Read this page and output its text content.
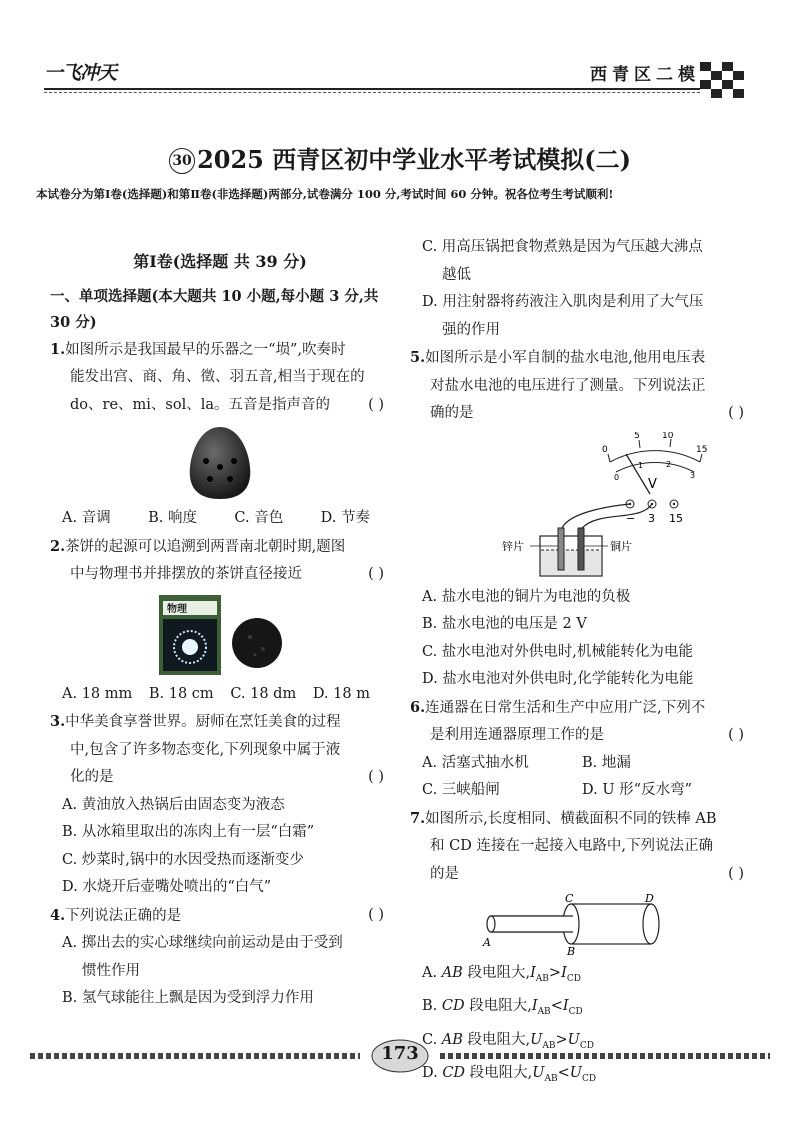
一飞冲天	西青区二模
30 2025 西青区初中学业水平考试模拟(二)
本试卷分为第Ⅰ卷(选择题)和第Ⅱ卷(非选择题)两部分,试卷满分 100 分,考试时间 60 分钟。祝各位考生考试顺利!
第Ⅰ卷(选择题 共 39 分)
一、单项选择题(本大题共 10 小题,每小题 3 分,共 30 分)
1.如图所示是我国最早的乐器之一“埙”,吹奏时
能发出宫、商、角、徵、羽五音,相当于现在的
do、re、mi、sol、la。五音是指声音的	( )
A. 音调	B. 响度	C. 音色	D. 节奏
2.茶饼的起源可以追溯到两晋南北朝时期,题图
中与物理书并排摆放的茶饼直径接近	( )
物理
A. 18 mm B. 18 cm C. 18 dm D. 18 m
3.中华美食享誉世界。厨师在烹饪美食的过程
中,包含了许多物态变化,下列现象中属于液
化的是	( )
A. 黄油放入热锅后由固态变为液态
B. 从冰箱里取出的冻肉上有一层“白霜”
C. 炒菜时,锅中的水因受热而逐渐变少
D. 水烧开后壶嘴处喷出的“白气”
4.下列说法正确的是	( )
A. 掷出去的实心球继续向前运动是由于受到
惯性作用
B. 氢气球能往上飘是因为受到浮力作用
C. 用高压锅把食物煮熟是因为气压越大沸点
越低
D. 用注射器将药液注入肌肉是利用了大气压
强的作用
5.如图所示是小军自制的盐水电池,他用电压表
对盐水电池的电压进行了测量。下列说法正
确的是	( )
0
5 10
15
0
1	2
3
V
− 3 15
锌片	铜片
A. 盐水电池的铜片为电池的负极
B. 盐水电池的电压是 2 V
C. 盐水电池对外供电时,机械能转化为电能
D. 盐水电池对外供电时,化学能转化为电能
6.连通器在日常生活和生产中应用广泛,下列不
是利用连通器原理工作的是	( )
A. 活塞式抽水机	B. 地漏
C. 三峡船闸	D. U 形“反水弯”
7.如图所示,长度相同、横截面积不同的铁棒 AB
和 CD 连接在一起接入电路中,下列说法正确
的是	( )
A
B
C	D
A. AB 段电阻大$,I_{AB}>I_{CD}$
B. CD 段电阻大$,I_{AB}<I_{CD}$
C. AB 段电阻大$,U_{AB}>U_{CD}$
D. CD 段电阻大$,U_{AB}<U_{CD}$
173
